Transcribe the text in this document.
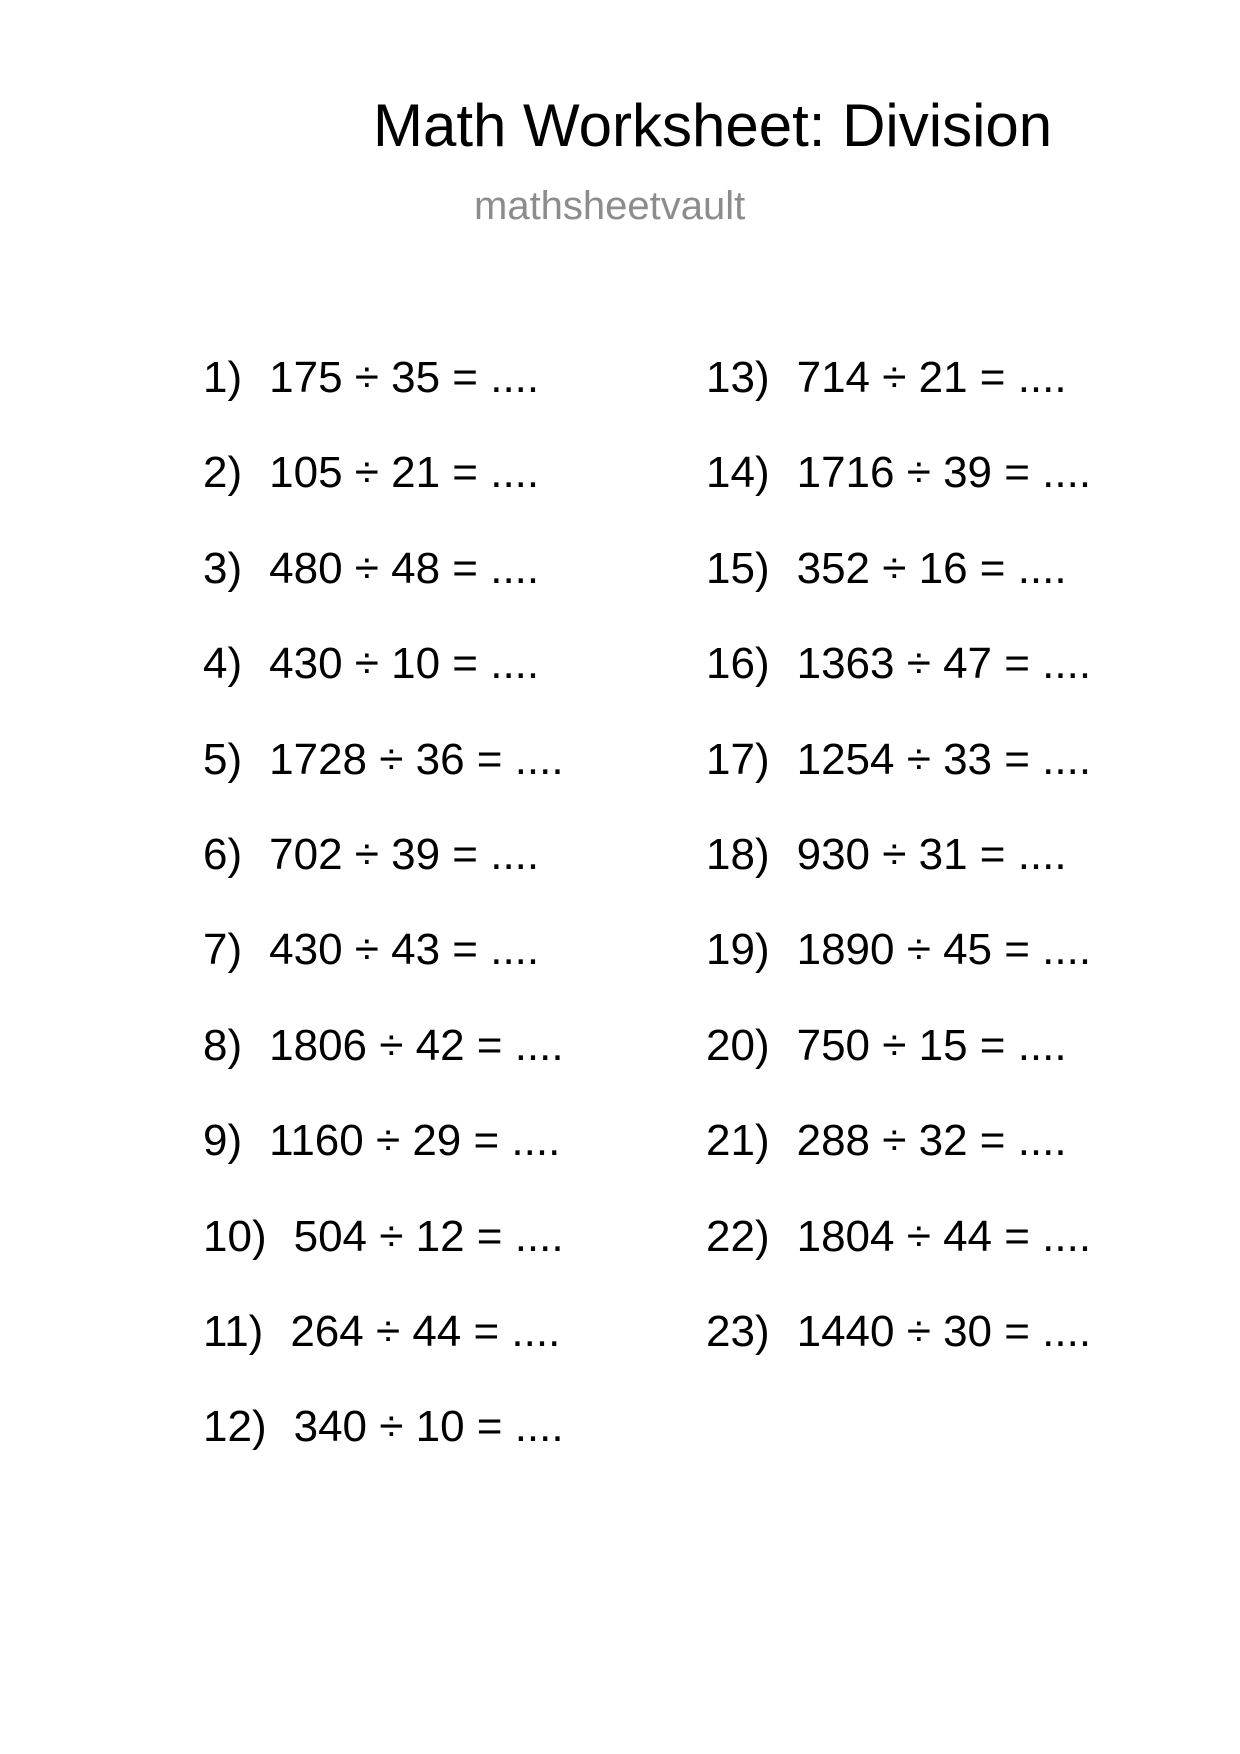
Math Worksheet: Division
mathsheetvault
1) 175 ÷ 35 = ....
2) 105 ÷ 21 = ....
3) 480 ÷ 48 = ....
4) 430 ÷ 10 = ....
5) 1728 ÷ 36 = ....
6) 702 ÷ 39 = ....
7) 430 ÷ 43 = ....
8) 1806 ÷ 42 = ....
9) 1160 ÷ 29 = ....
10) 504 ÷ 12 = ....
11) 264 ÷ 44 = ....
12) 340 ÷ 10 = ....
13) 714 ÷ 21 = ....
14) 1716 ÷ 39 = ....
15) 352 ÷ 16 = ....
16) 1363 ÷ 47 = ....
17) 1254 ÷ 33 = ....
18) 930 ÷ 31 = ....
19) 1890 ÷ 45 = ....
20) 750 ÷ 15 = ....
21) 288 ÷ 32 = ....
22) 1804 ÷ 44 = ....
23) 1440 ÷ 30 = ....
